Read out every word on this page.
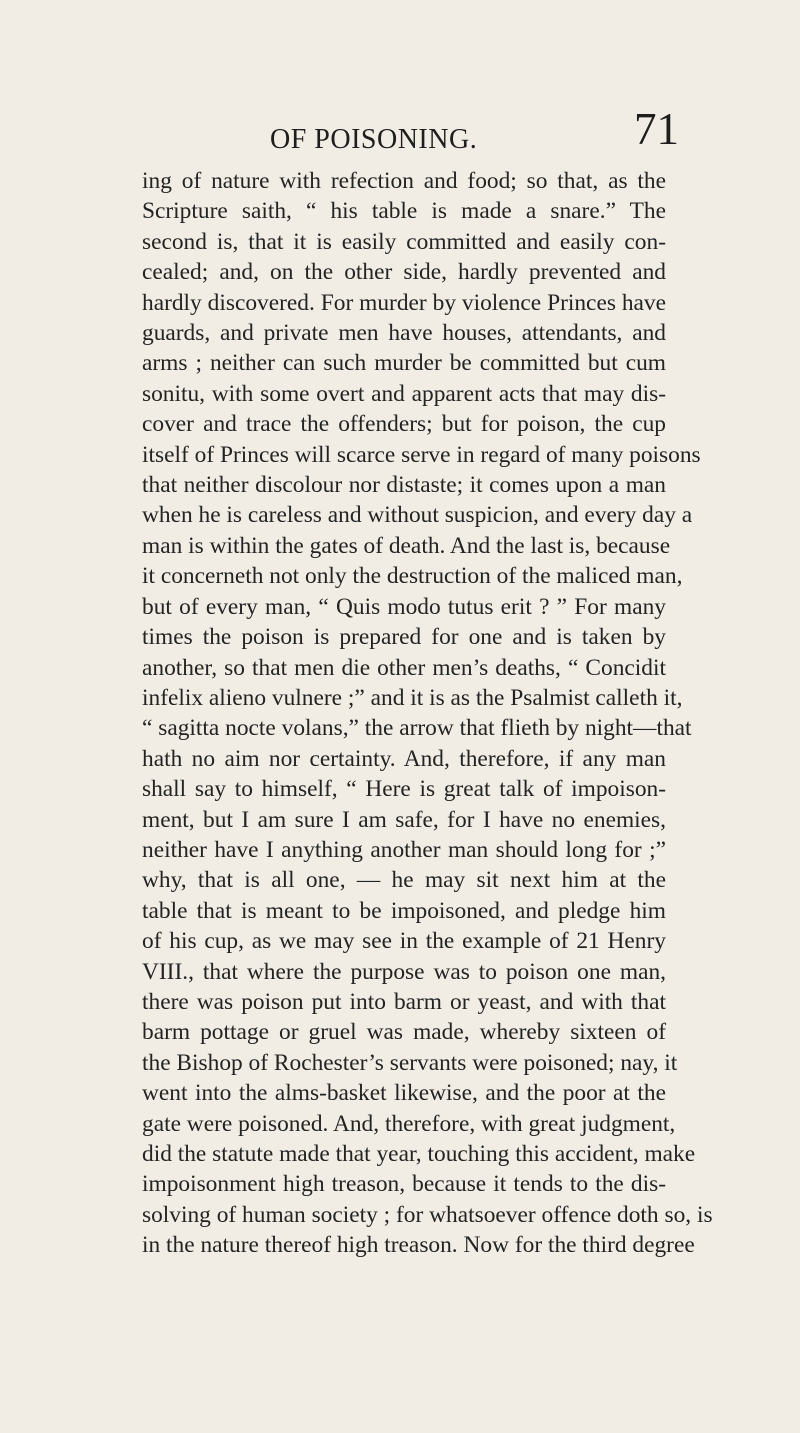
OF POISONING.	71
ing of nature with refection and food; so that, as the
Scripture saith, “ his table is made a snare.” The
second is, that it is easily committed and easily con-
cealed; and, on the other side, hardly prevented and
hardly discovered. For murder by violence Princes have
guards, and private men have houses, attendants, and
arms ; neither can such murder be committed but cum
sonitu, with some overt and apparent acts that may dis-
cover and trace the offenders; but for poison, the cup
itself of Princes will scarce serve in regard of many poisons
that neither discolour nor distaste; it comes upon a man
when he is careless and without suspicion, and every day a
man is within the gates of death. And the last is, because
it concerneth not only the destruction of the maliced man,
but of every man, “ Quis modo tutus erit ? ” For many
times the poison is prepared for one and is taken by
another, so that men die other men’s deaths, “ Concidit
infelix alieno vulnere ;” and it is as the Psalmist calleth it,
“ sagitta nocte volans,” the arrow that flieth by night—that
hath no aim nor certainty. And, therefore, if any man
shall say to himself, “ Here is great talk of impoison-
ment, but I am sure I am safe, for I have no enemies,
neither have I anything another man should long for ;”
why, that is all one, — he may sit next him at the
table that is meant to be impoisoned, and pledge him
of his cup, as we may see in the example of 21 Henry
VIII., that where the purpose was to poison one man,
there was poison put into barm or yeast, and with that
barm pottage or gruel was made, whereby sixteen of
the Bishop of Rochester’s servants were poisoned; nay, it
went into the alms-basket likewise, and the poor at the
gate were poisoned. And, therefore, with great judgment,
did the statute made that year, touching this accident, make
impoisonment high treason, because it tends to the dis-
solving of human society ; for whatsoever offence doth so, is
in the nature thereof high treason. Now for the third degree
